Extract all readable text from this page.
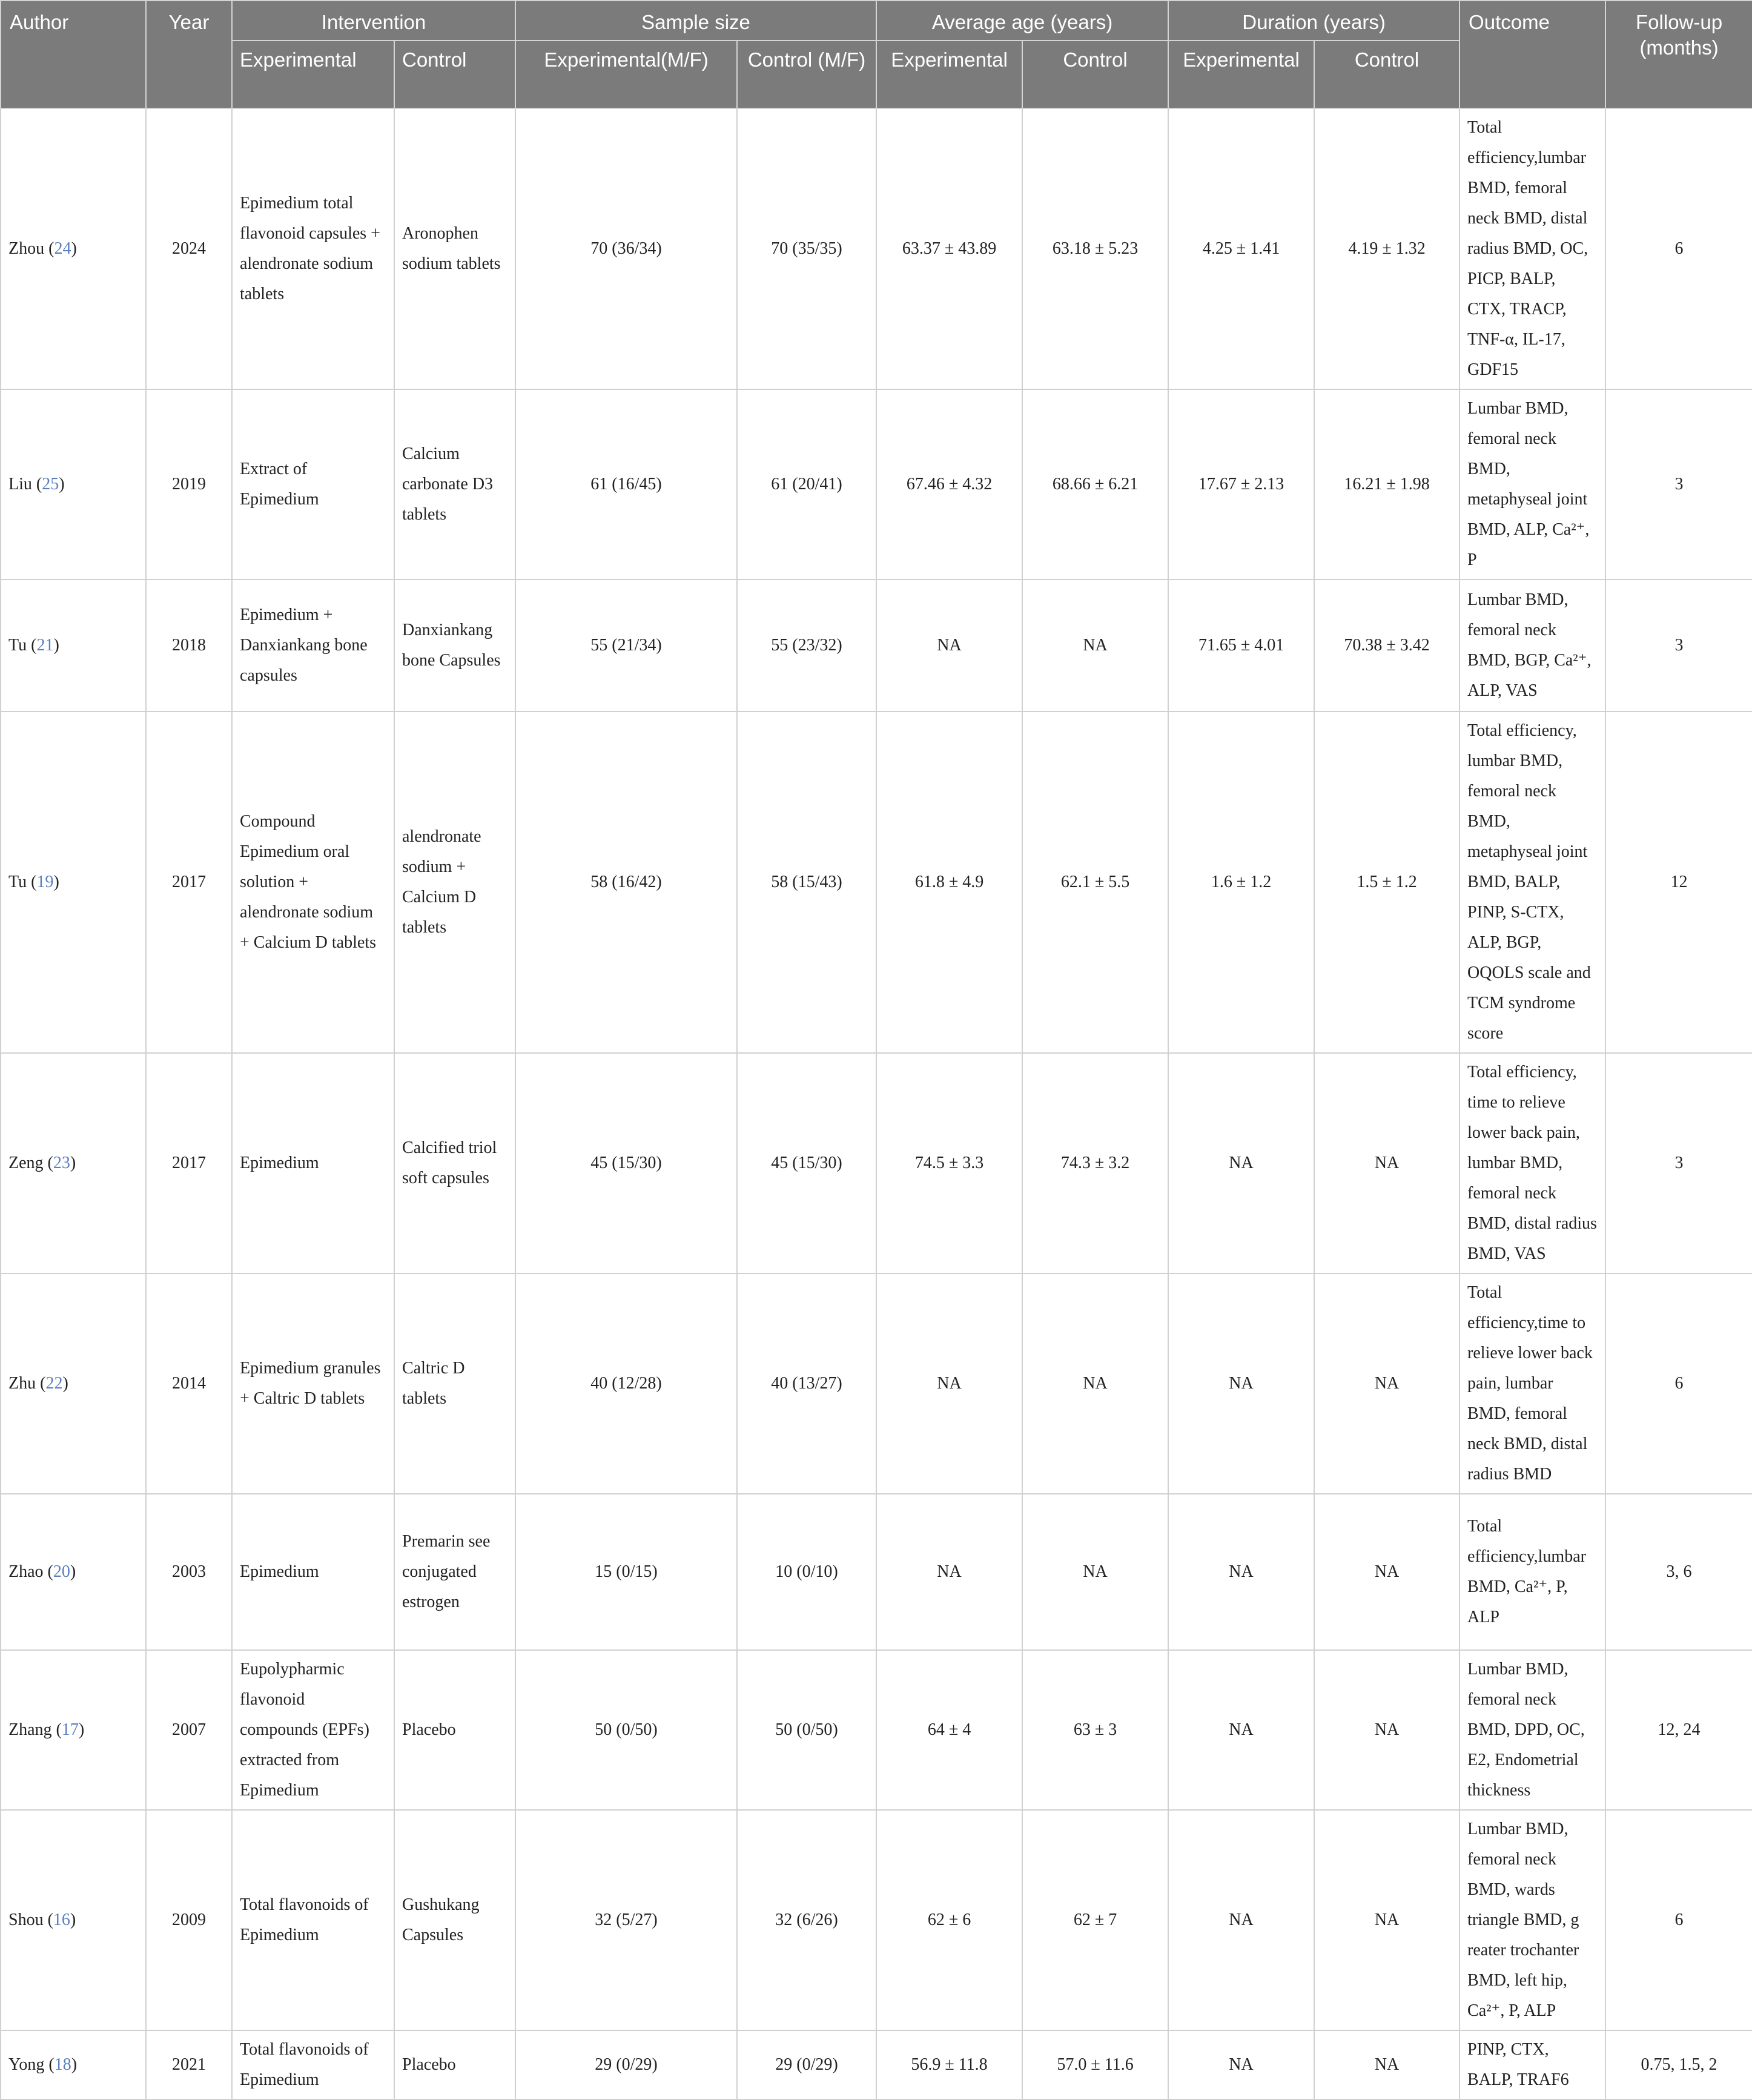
Author	Year	Intervention		Sample size		Average age (years)		Duration (years)		Outcome	Follow-up (months)
		Experimental	Control	Experimental(M/F)	Control (M/F)	Experimental	Control	Experimental	Control		
Zhou (24)	2024	Epimedium total flavonoid capsules + alendronate sodium tablets	Aronophen sodium tablets	70 (36/34)	70 (35/35)	63.37 ± 43.89	63.18 ± 5.23	4.25 ± 1.41	4.19 ± 1.32	Total efficiency,lumbar BMD, femoral neck BMD, distal radius BMD, OC, PICP, BALP, CTX, TRACP, TNF-α, IL-17, GDF15	6
Liu (25)	2019	Extract of Epimedium	Calcium carbonate D3 tablets	61 (16/45)	61 (20/41)	67.46 ± 4.32	68.66 ± 6.21	17.67 ± 2.13	16.21 ± 1.98	Lumbar BMD, femoral neck BMD, metaphyseal joint BMD, ALP, Ca²⁺, P	3
Tu (21)	2018	Epimedium + Danxiankang bone capsules	Danxiankang bone Capsules	55 (21/34)	55 (23/32)	NA	NA	71.65 ± 4.01	70.38 ± 3.42	Lumbar BMD, femoral neck BMD, BGP, Ca²⁺, ALP, VAS	3
Tu (19)	2017	Compound Epimedium oral solution + alendronate sodium + Calcium D tablets	alendronate sodium + Calcium D tablets	58 (16/42)	58 (15/43)	61.8 ± 4.9	62.1 ± 5.5	1.6 ± 1.2	1.5 ± 1.2	Total efficiency, lumbar BMD, femoral neck BMD, metaphyseal joint BMD, BALP, PINP, S-CTX, ALP, BGP, OQOLS scale and TCM syndrome score	12
Zeng (23)	2017	Epimedium	Calcified triol soft capsules	45 (15/30)	45 (15/30)	74.5 ± 3.3	74.3 ± 3.2	NA	NA	Total efficiency, time to relieve lower back pain, lumbar BMD, femoral neck BMD, distal radius BMD, VAS	3
Zhu (22)	2014	Epimedium granules + Caltric D tablets	Caltric D tablets	40 (12/28)	40 (13/27)	NA	NA	NA	NA	Total efficiency,time to relieve lower back pain, lumbar BMD, femoral neck BMD, distal radius BMD	6
Zhao (20)	2003	Epimedium	Premarin see conjugated estrogen	15 (0/15)	10 (0/10)	NA	NA	NA	NA	Total efficiency,lumbar BMD, Ca²⁺, P, ALP	3, 6
Zhang (17)	2007	Eupolypharmic flavonoid compounds (EPFs) extracted from Epimedium	Placebo	50 (0/50)	50 (0/50)	64 ± 4	63 ± 3	NA	NA	Lumbar BMD, femoral neck BMD, DPD, OC, E2, Endometrial thickness	12, 24
Shou (16)	2009	Total flavonoids of Epimedium	Gushukang Capsules	32 (5/27)	32 (6/26)	62 ± 6	62 ± 7	NA	NA	Lumbar BMD, femoral neck BMD, wards triangle BMD, g reater trochanter BMD, left hip, Ca²⁺, P, ALP	6
Yong (18)	2021	Total flavonoids of Epimedium	Placebo	29 (0/29)	29 (0/29)	56.9 ± 11.8	57.0 ± 11.6	NA	NA	PINP, CTX, BALP, TRAF6	0.75, 1.5, 2
